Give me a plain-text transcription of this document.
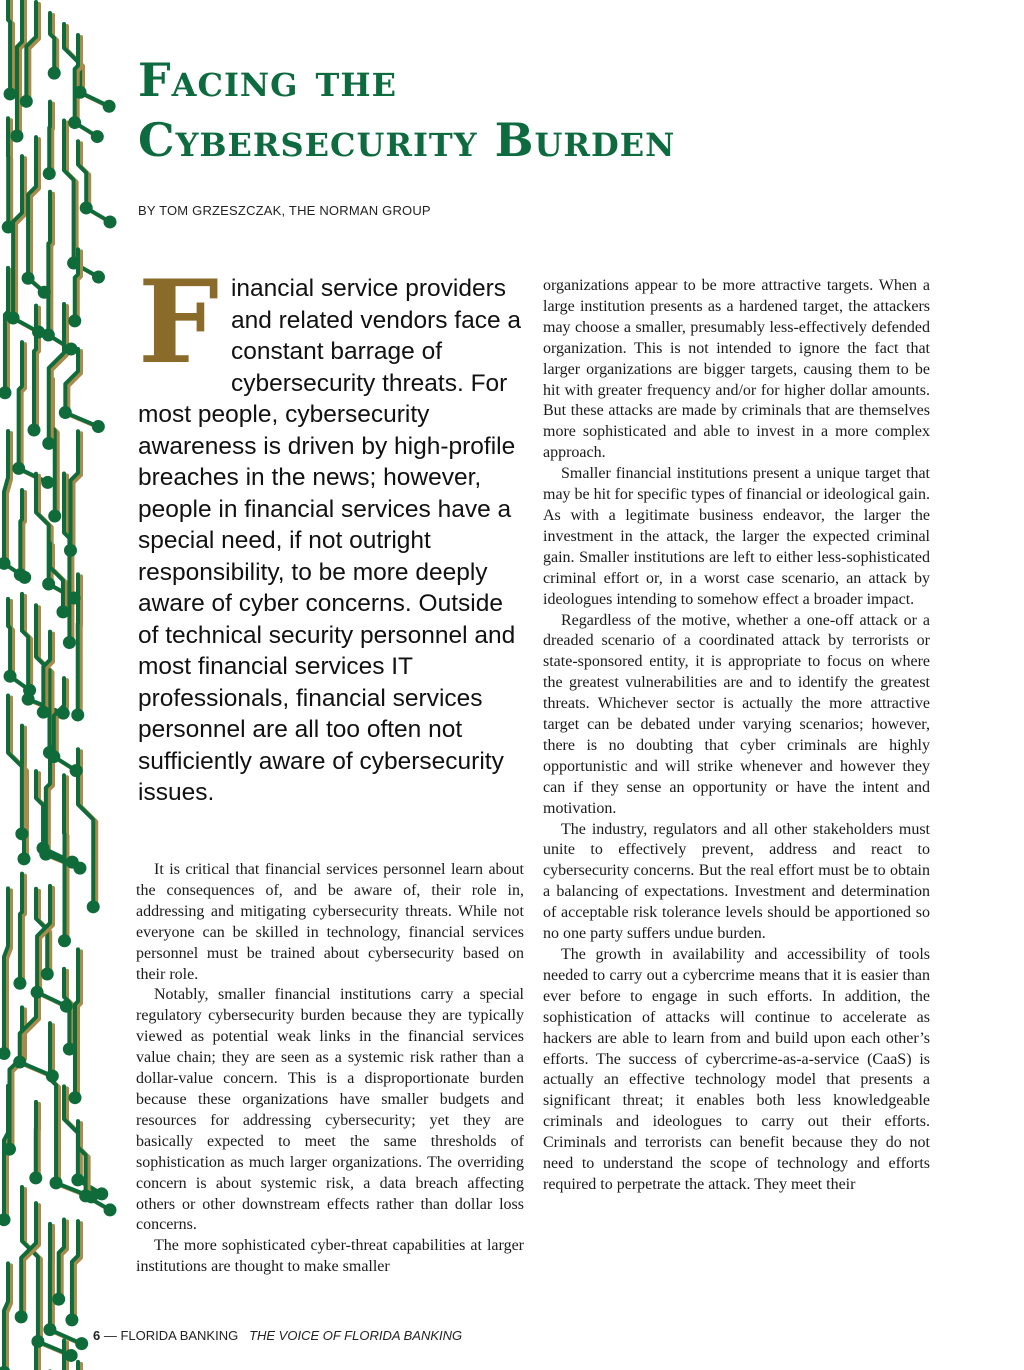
Facing the
Cybersecurity Burden
BY TOM GRZESZCZAK, THE NORMAN GROUP
F inancial service providers and related vendors face a constant barrage of cybersecurity threats. For most people, cybersecurity awareness is driven by high-profile breaches in the news; however, people in financial services have a special need, if not outright responsibility, to be more deeply aware of cyber concerns. Outside of technical security personnel and most financial services IT professionals, financial services personnel are all too often not sufficiently aware of cybersecurity issues.

It is critical that financial services personnel learn about the consequences of, and be aware of, their role in, addressing and mitigating cybersecurity threats. While not everyone can be skilled in technology, financial services personnel must be trained about cybersecurity based on their role.

Notably, smaller financial institutions carry a special regulatory cybersecurity burden because they are typically viewed as potential weak links in the financial services value chain; they are seen as a systemic risk rather than a dollar-value concern. This is a disproportionate burden because these organizations have smaller budgets and resources for addressing cybersecurity; yet they are basically expected to meet the same thresholds of sophistication as much larger organizations. The overriding concern is about systemic risk, a data breach affecting others or other downstream effects rather than dollar loss concerns.

The more sophisticated cyber-threat capabilities at larger institutions are thought to make smaller

organizations appear to be more attractive targets. When a large institution presents as a hardened target, the attackers may choose a smaller, presumably less-effectively defended organization. This is not intended to ignore the fact that larger organizations are bigger targets, causing them to be hit with greater frequency and/or for higher dollar amounts. But these attacks are made by criminals that are themselves more sophisticated and able to invest in a more complex approach.

Smaller financial institutions present a unique target that may be hit for specific types of financial or ideological gain. As with a legitimate business endeavor, the larger the investment in the attack, the larger the expected criminal gain. Smaller institutions are left to either less-sophisticated criminal effort or, in a worst case scenario, an attack by ideologues intending to somehow effect a broader impact.

Regardless of the motive, whether a one-off attack or a dreaded scenario of a coordinated attack by terrorists or state-sponsored entity, it is appropriate to focus on where the greatest vulnerabilities are and to identify the greatest threats. Whichever sector is actually the more attractive target can be debated under varying scenarios; however, there is no doubting that cyber criminals are highly opportunistic and will strike whenever and however they can if they sense an opportunity or have the intent and motivation.

The industry, regulators and all other stakeholders must unite to effectively prevent, address and react to cybersecurity concerns. But the real effort must be to obtain a balancing of expectations. Investment and determination of acceptable risk tolerance levels should be apportioned so no one party suffers undue burden.

The growth in availability and accessibility of tools needed to carry out a cybercrime means that it is easier than ever before to engage in such efforts. In addition, the sophistication of attacks will continue to accelerate as hackers are able to learn from and build upon each other’s efforts. The success of cybercrime-as-a-service (CaaS) is actually an effective technology model that presents a significant threat; it enables both less knowledgeable criminals and ideologues to carry out their efforts. Criminals and terrorists can benefit because they do not need to understand the scope of technology and efforts required to perpetrate the attack. They meet their

6 — FLORIDA BANKING THE VOICE OF FLORIDA BANKING
